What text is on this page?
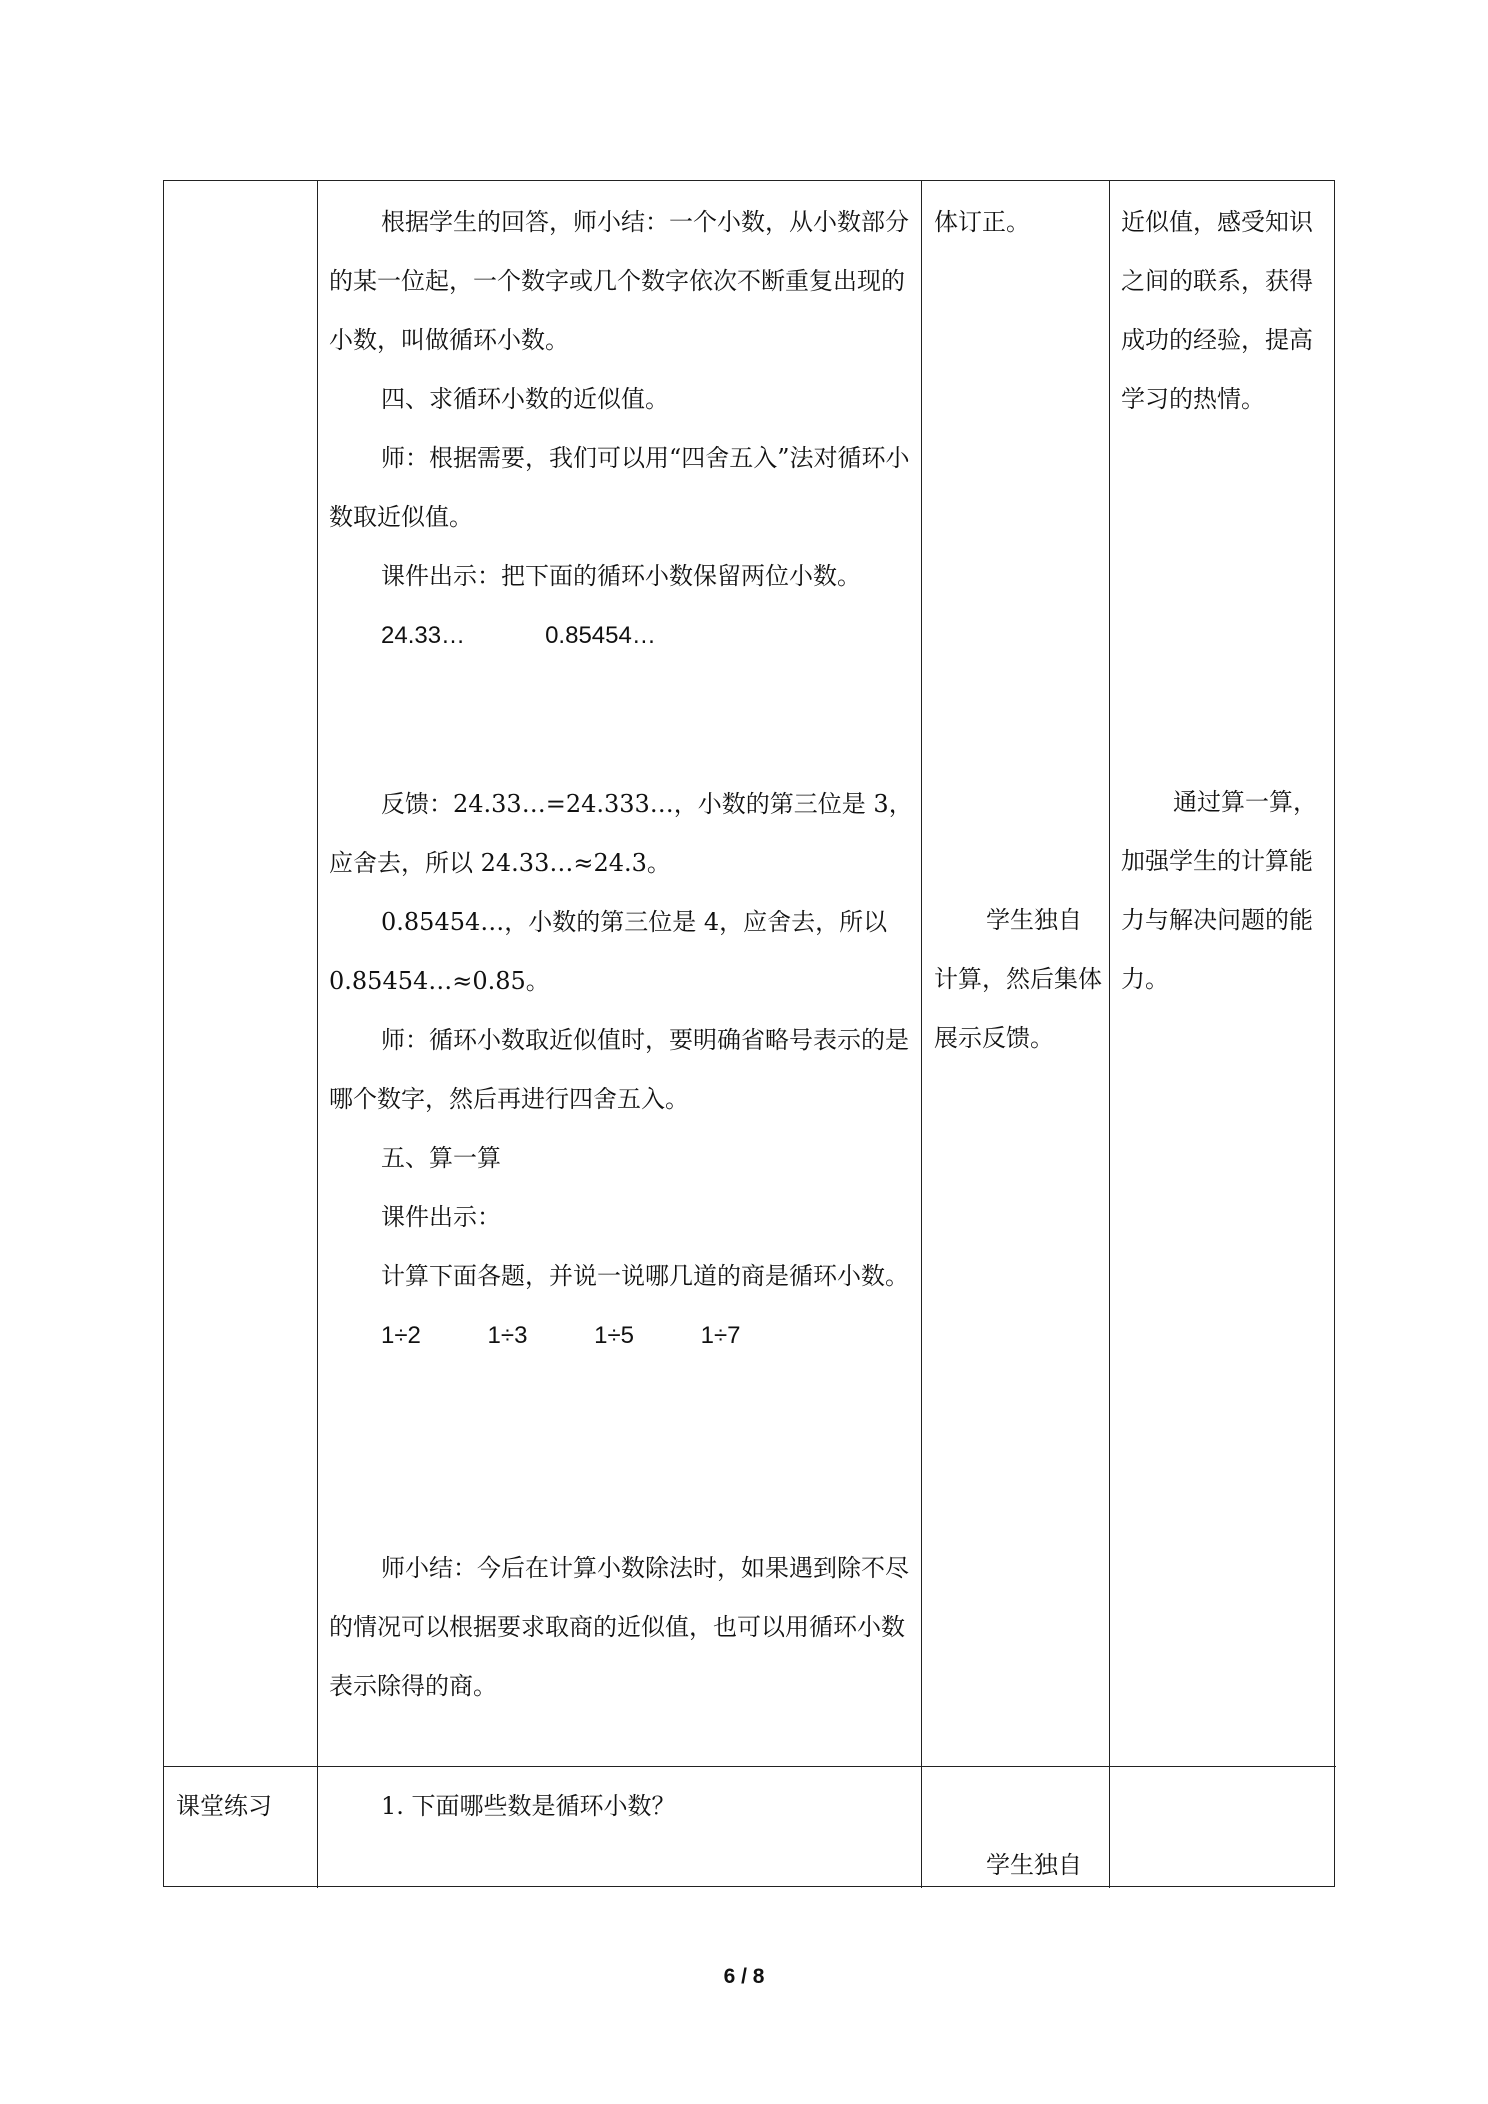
根据学生的回答，师小结：一个小数，从小数部分的某一位起，一个数字或几个数字依次不断重复出现的小数，叫做循环小数。

四、求循环小数的近似值。

师：根据需要，我们可以用“四舍五入”法对循环小数取近似值。

课件出示：把下面的循环小数保留两位小数。

24.33…            0.85454…

反馈：24.33…=24.333…，小数的第三位是 3，应舍去，所以 24.33…≈24.3。

0.85454…，小数的第三位是 4，应舍去，所以0.85454…≈0.85。

师：循环小数取近似值时，要明确省略号表示的是哪个数字，然后再进行四舍五入。

五、算一算

课件出示：

计算下面各题，并说一说哪几道的商是循环小数。

1÷2          1÷3          1÷5          1÷7

师小结：今后在计算小数除法时，如果遇到除不尽的情况可以根据要求取商的近似值，也可以用循环小数表示除得的商。

体订正。

学生独自计算，然后集体展示反馈。

近似值，感受知识之间的联系，获得成功的经验，提高学习的热情。

通过算一算，加强学生的计算能力与解决问题的能力。

课堂练习	1. 下面哪些数是循环小数？

学生独自

6 / 8
